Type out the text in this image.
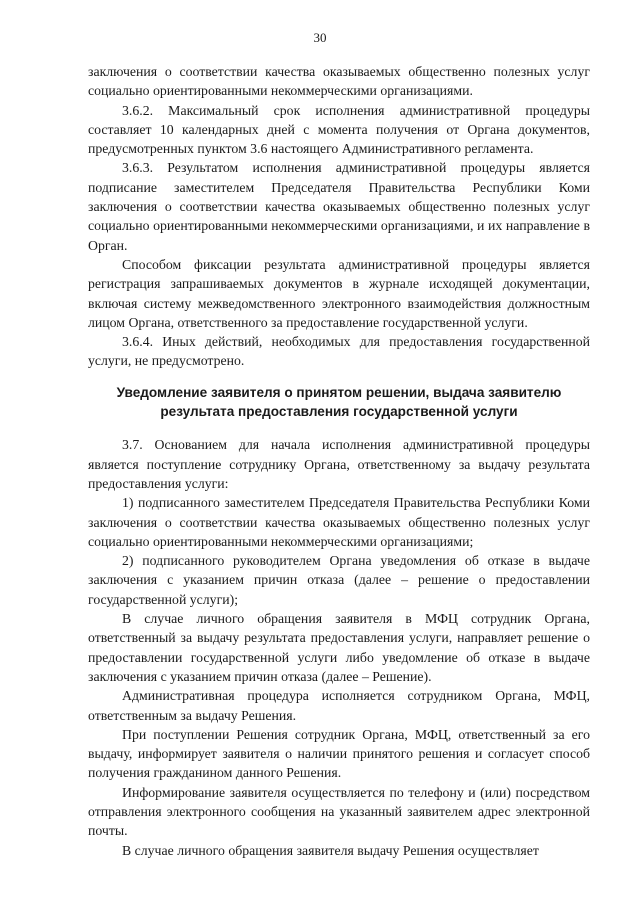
30

заключения о соответствии качества оказываемых общественно полезных услуг социально ориентированными некоммерческими организациями.

3.6.2. Максимальный срок исполнения административной процедуры составляет 10 календарных дней с момента получения от Органа документов, предусмотренных пунктом 3.6 настоящего Административного регламента.

3.6.3. Результатом исполнения административной процедуры является подписание заместителем Председателя Правительства Республики Коми заключения о соответствии качества оказываемых общественно полезных услуг социально ориентированными некоммерческими организациями, и их направление в Орган.

Способом фиксации результата административной процедуры является регистрация запрашиваемых документов в журнале исходящей документации, включая систему межведомственного электронного взаимодействия должностным лицом Органа, ответственного за предоставление государственной услуги.

3.6.4. Иных действий, необходимых для предоставления государственной услуги, не предусмотрено.

Уведомление заявителя о принятом решении, выдача заявителю результата предоставления государственной услуги

3.7. Основанием для начала исполнения административной процедуры является поступление сотруднику Органа, ответственному за выдачу результата предоставления услуги:

1) подписанного заместителем Председателя Правительства Республики Коми заключения о соответствии качества оказываемых общественно полезных услуг социально ориентированными некоммерческими организациями;

2) подписанного руководителем Органа уведомления об отказе в выдаче заключения с указанием причин отказа (далее – решение о предоставлении государственной услуги);

В случае личного обращения заявителя в МФЦ сотрудник Органа, ответственный за выдачу результата предоставления услуги, направляет решение о предоставлении государственной услуги либо уведомление об отказе в выдаче заключения с указанием причин отказа (далее – Решение).

Административная процедура исполняется сотрудником Органа, МФЦ, ответственным за выдачу Решения.

При поступлении Решения сотрудник Органа, МФЦ, ответственный за его выдачу, информирует заявителя о наличии принятого решения и согласует способ получения гражданином данного Решения.

Информирование заявителя осуществляется по телефону и (или) посредством отправления электронного сообщения на указанный заявителем адрес электронной почты.

В случае личного обращения заявителя выдачу Решения осуществляет
